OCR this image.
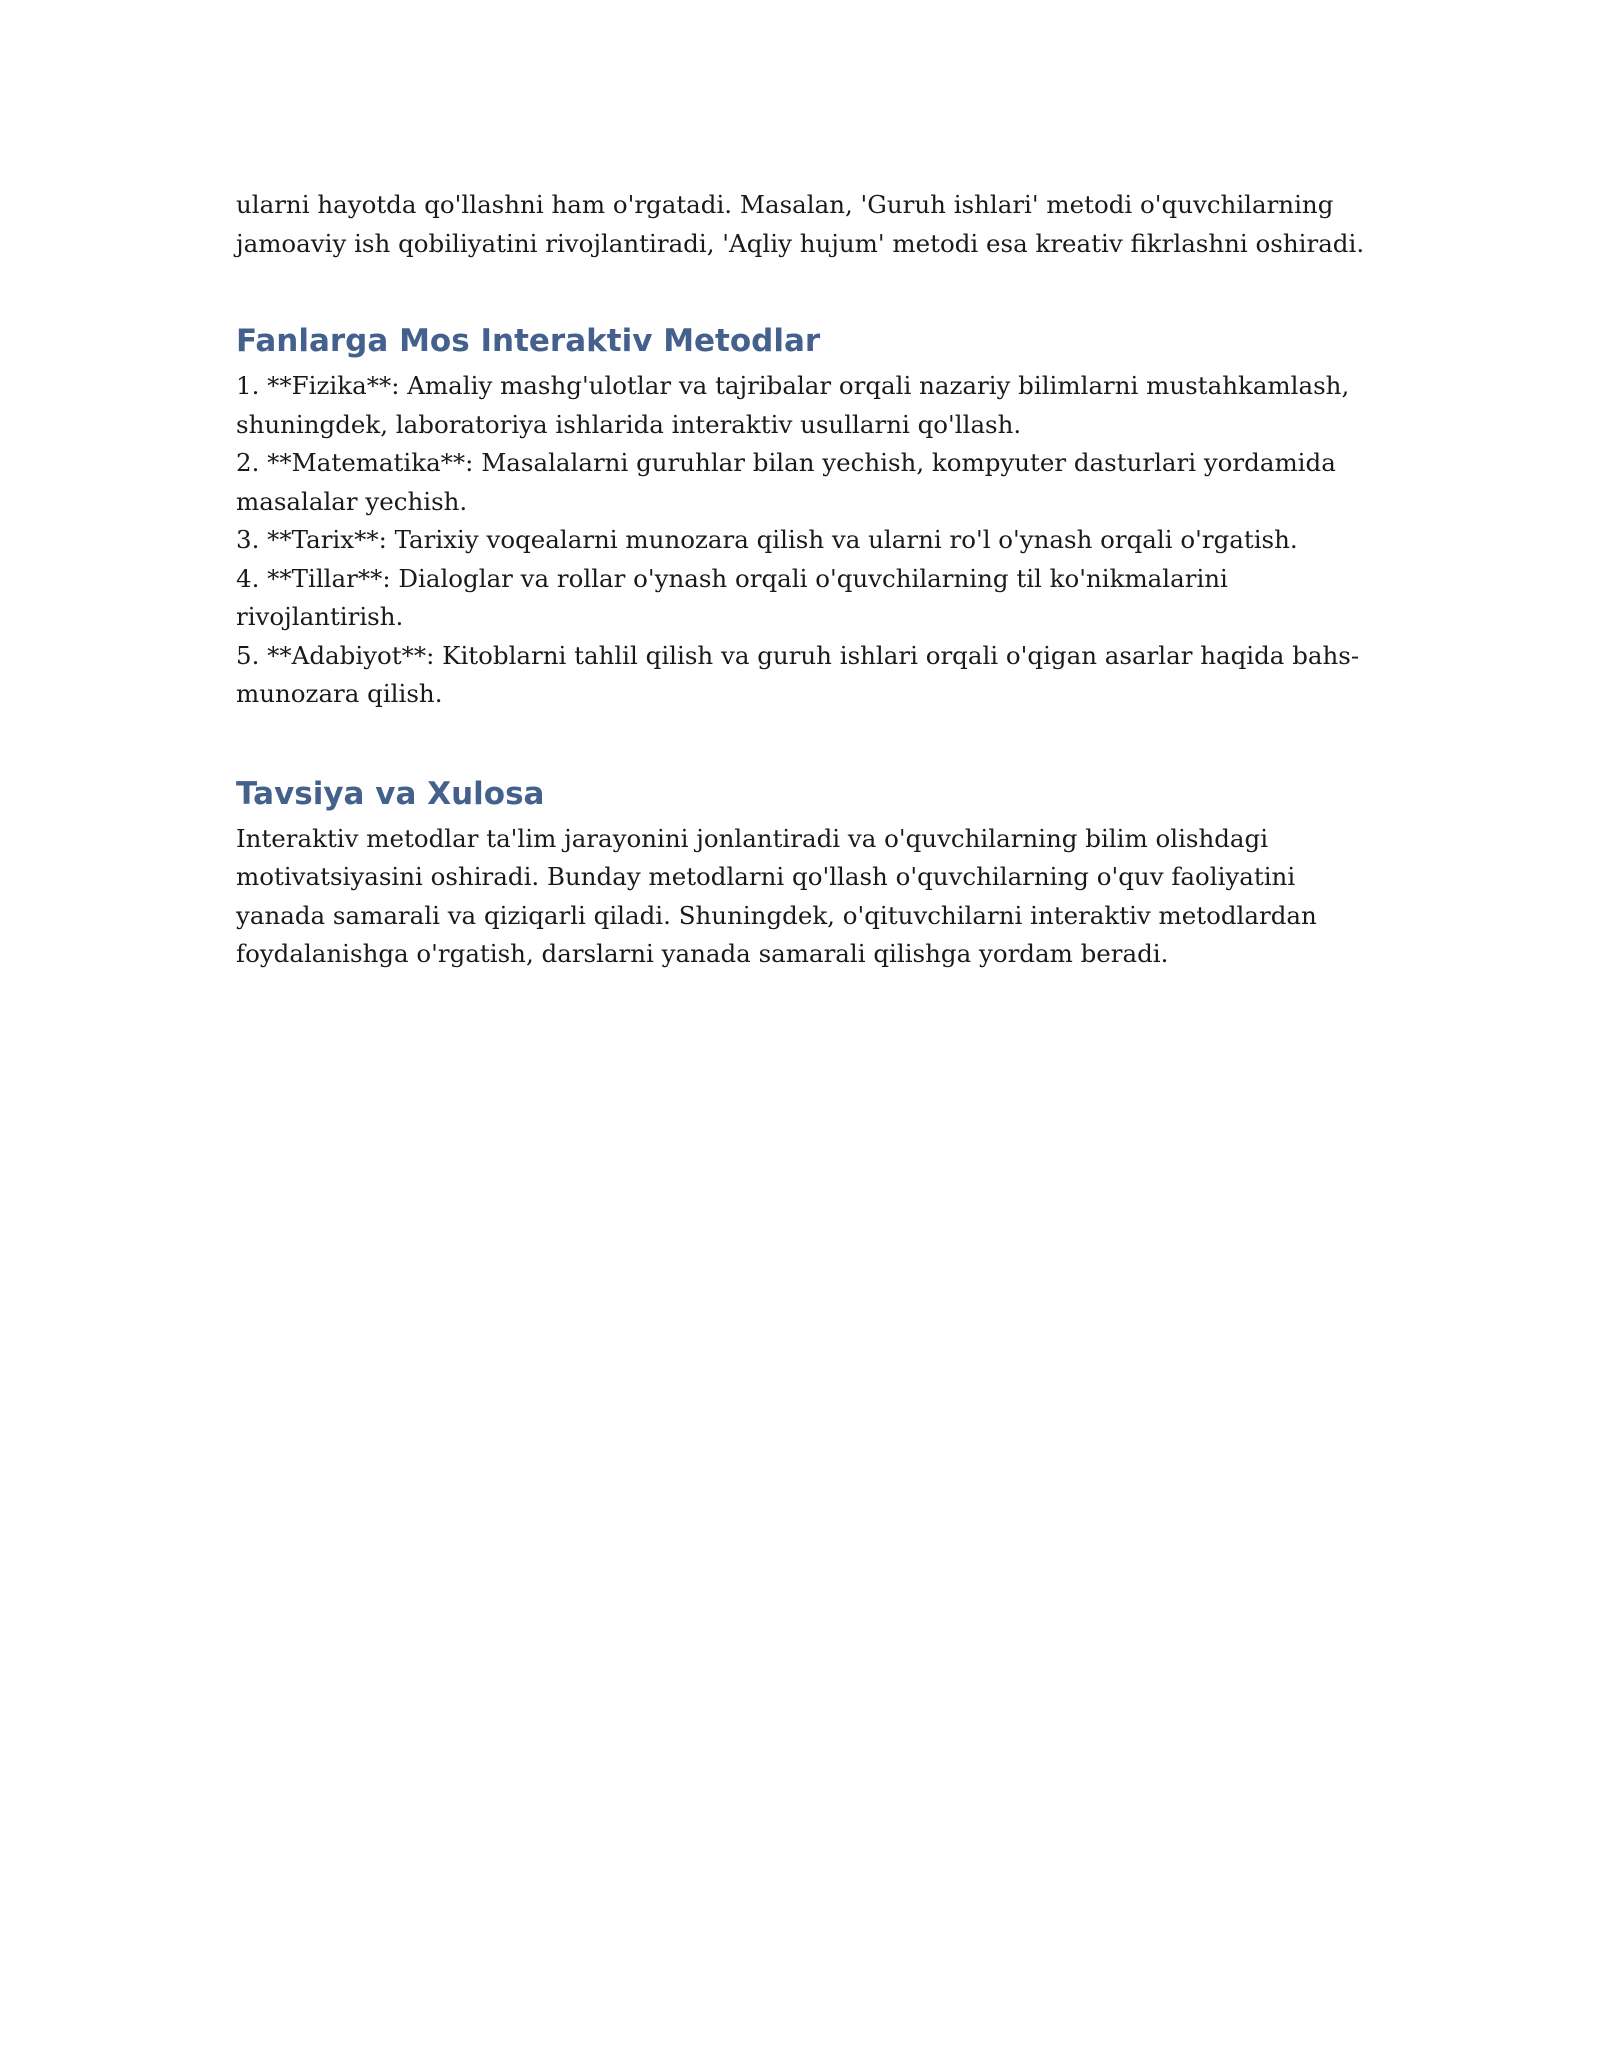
ularni hayotda qo'llashni ham o'rgatadi. Masalan, 'Guruh ishlari' metodi o'quvchilarning jamoaviy ish qobiliyatini rivojlantiradi, 'Aqliy hujum' metodi esa kreativ fikrlashni oshiradi.

Fanlarga Mos Interaktiv Metodlar
1. **Fizika**: Amaliy mashg'ulotlar va tajribalar orqali nazariy bilimlarni mustahkamlash, shuningdek, laboratoriya ishlarida interaktiv usullarni qo'llash.
2. **Matematika**: Masalalarni guruhlar bilan yechish, kompyuter dasturlari yordamida masalalar yechish.
3. **Tarix**: Tarixiy voqealarni munozara qilish va ularni ro'l o'ynash orqali o'rgatish.
4. **Tillar**: Dialoglar va rollar o'ynash orqali o'quvchilarning til ko'nikmalarini rivojlantirish.
5. **Adabiyot**: Kitoblarni tahlil qilish va guruh ishlari orqali o'qigan asarlar haqida bahs-munozara qilish.
Tavsiya va Xulosa

Interaktiv metodlar ta'lim jarayonini jonlantiradi va o'quvchilarning bilim olishdagi motivatsiyasini oshiradi. Bunday metodlarni qo'llash o'quvchilarning o'quv faoliyatini yanada samarali va qiziqarli qiladi. Shuningdek, o'qituvchilarni interaktiv metodlardan foydalanishga o'rgatish, darslarni yanada samarali qilishga yordam beradi.
